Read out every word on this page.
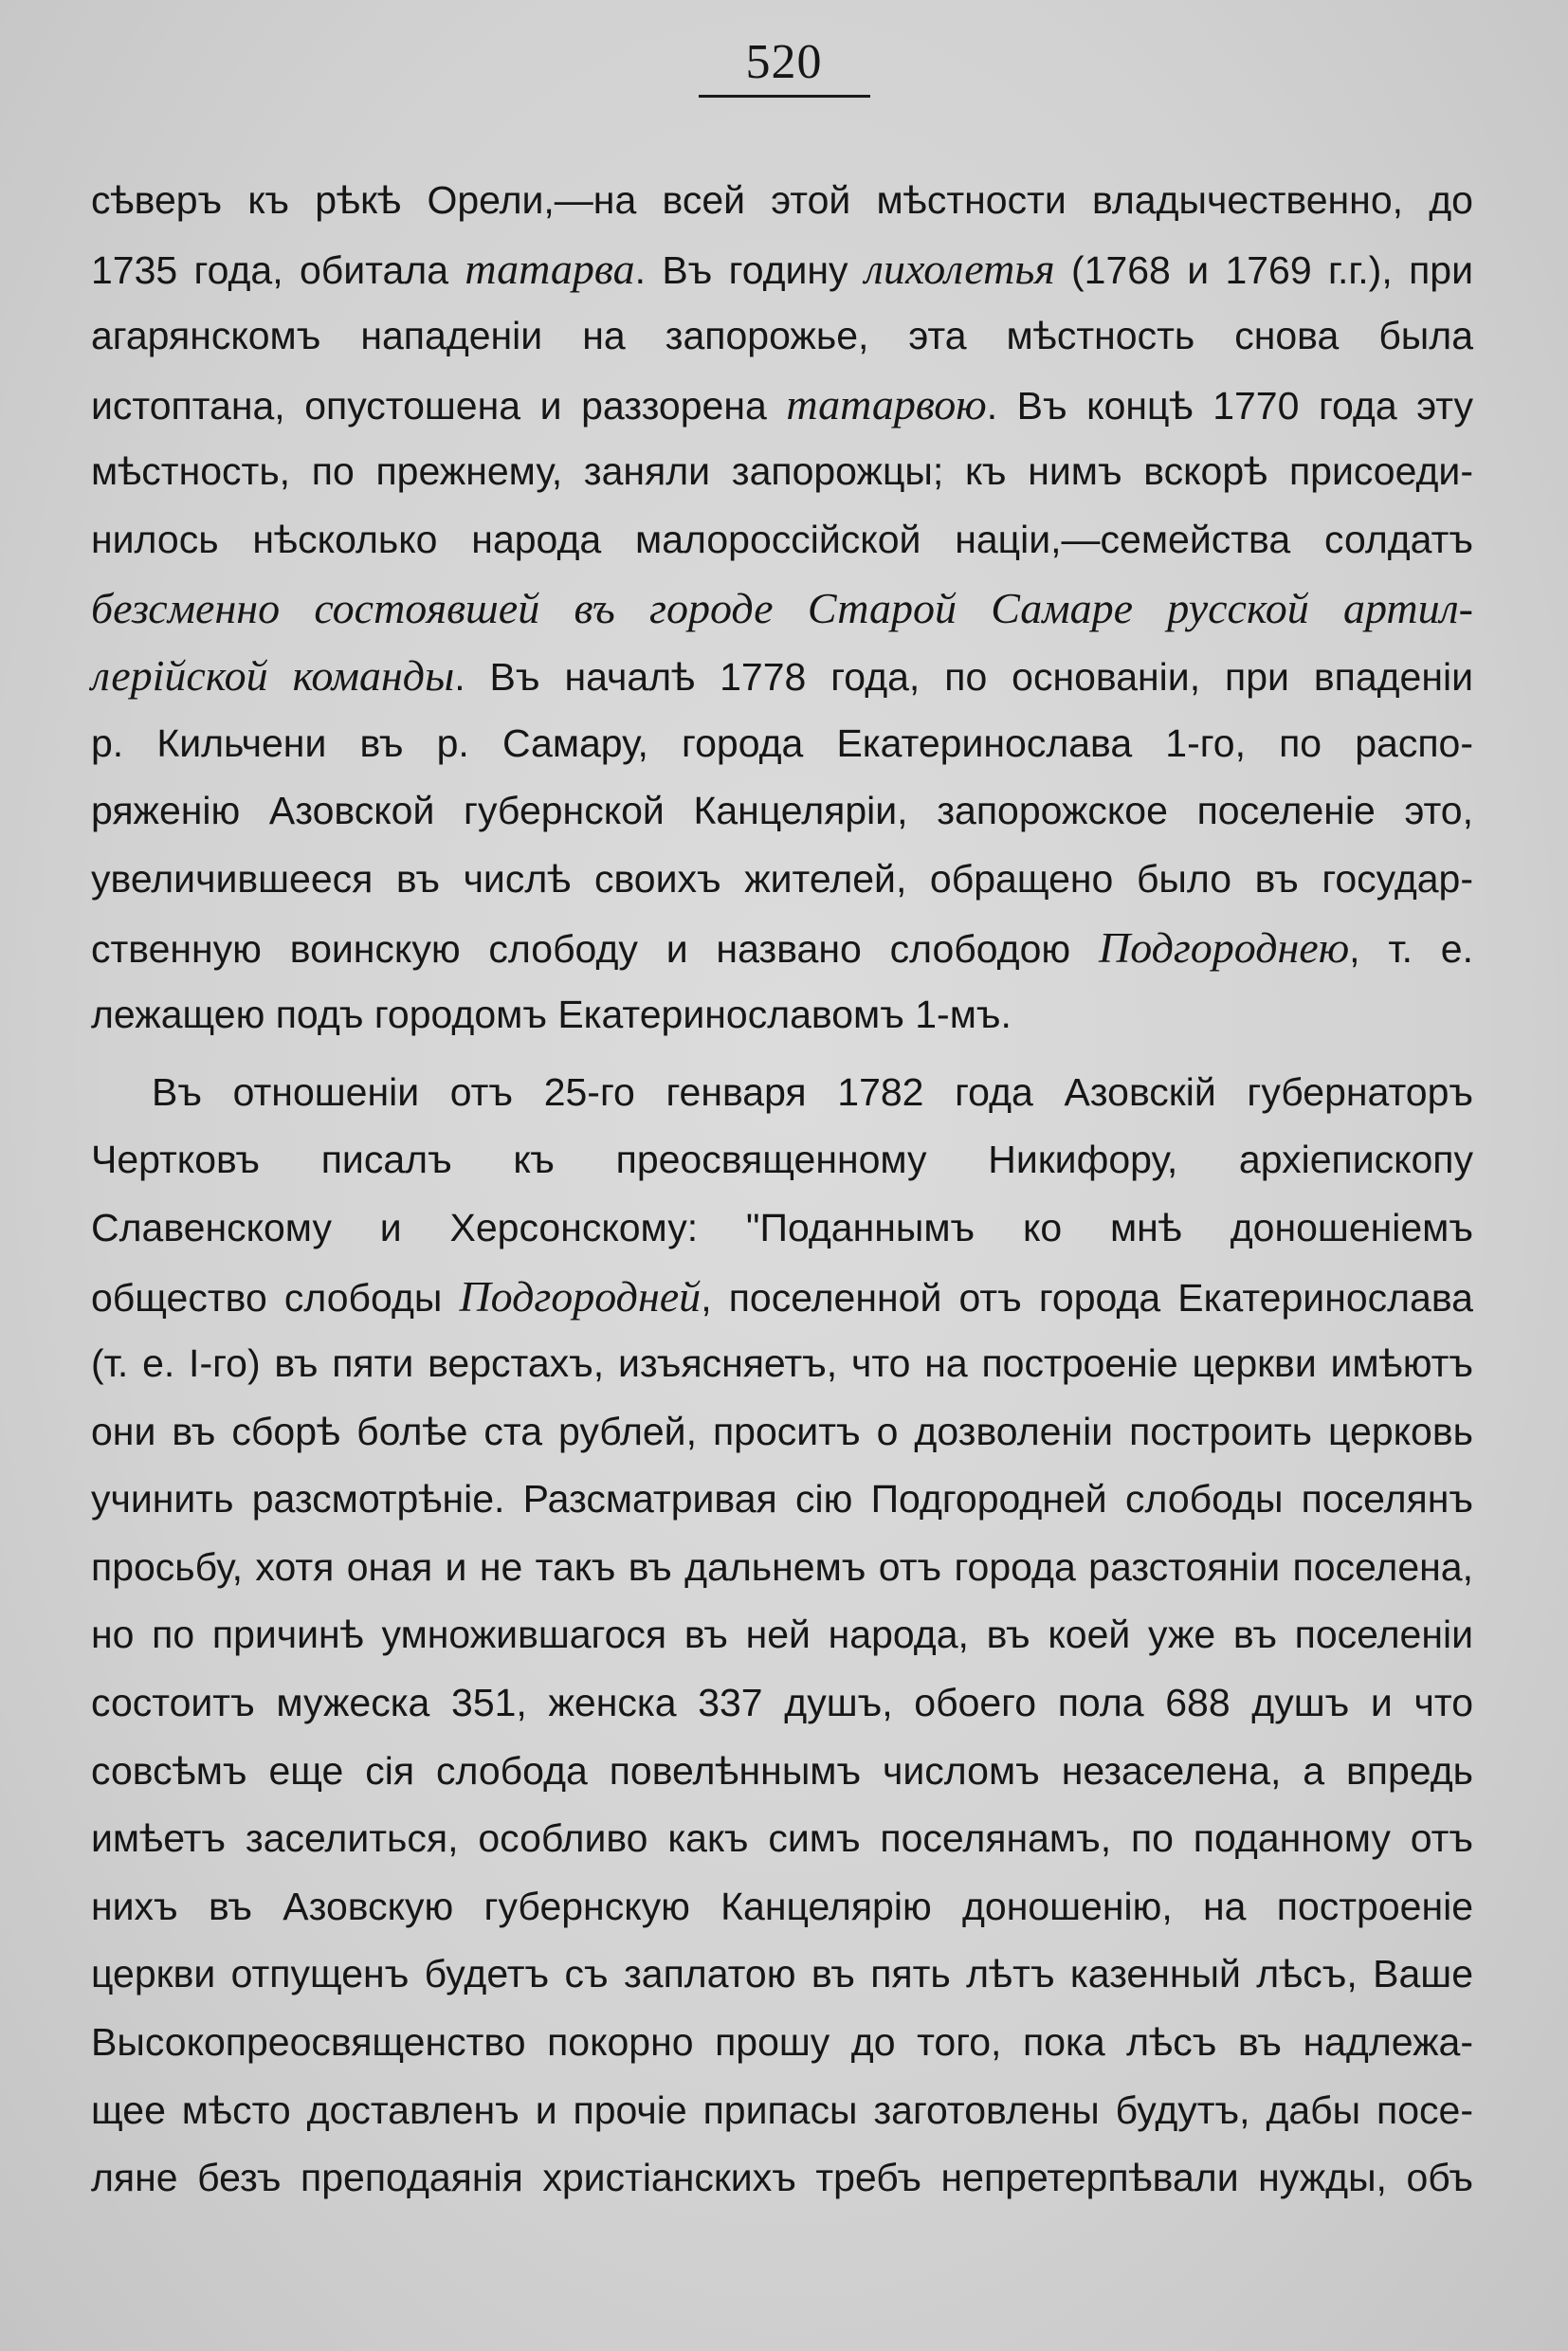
520
сѣверъ къ рѣкѣ Орели,—на всей этой мѣстности владычественно, до
1735 года, обитала татарва. Въ годину лихолетья (1768 и 1769 г.г.), при
агарянскомъ нападеніи на запорожье, эта мѣстность снова была
истоптана, опустошена и раззорена татарвою. Въ концѣ 1770 года эту
мѣстность, по прежнему, заняли запорожцы; къ нимъ вскорѣ присоеди-
нилось нѣсколько народа малороссійской націи,—семейства солдатъ
безсменно состоявшей въ городе Старой Самаре русской артил-
лерійской команды. Въ началѣ 1778 года, по основаніи, при впаденіи
р. Кильчени въ р. Самару, города Екатеринослава 1-го, по распо-
ряженію Азовской губернской Канцеляріи, запорожское поселеніе это,
увеличившееся въ числѣ своихъ жителей, обращено было въ государ-
ственную воинскую слободу и названо слободою Подгороднею, т. е.
лежащею подъ городомъ Екатеринославомъ 1-мъ.
Въ отношеніи отъ 25-го генваря 1782 года Азовскій губернаторъ
Чертковъ писалъ къ преосвященному Никифору, архіепископу
Славенскому и Херсонскому: "Поданнымъ ко мнѣ доношеніемъ
общество слободы Подгородней, поселенной отъ города Екатеринослава
(т. е. I-го) въ пяти верстахъ, изъясняетъ, что на построеніе церкви имѣютъ
они въ сборѣ болѣе ста рублей, проситъ о дозволеніи построить церковь
учинить разсмотрѣніе. Разсматривая сію Подгородней слободы поселянъ
просьбу, хотя оная и не такъ въ дальнемъ отъ города разстояніи поселена,
но по причинѣ умножившагося въ ней народа, въ коей уже въ поселеніи
состоитъ мужеска 351, женска 337 душъ, обоего пола 688 душъ и что
совсѣмъ еще сія слобода повелѣннымъ числомъ незаселена, а впредь
имѣетъ заселиться, особливо какъ симъ поселянамъ, по поданному отъ
нихъ въ Азовскую губернскую Канцелярію доношенію, на построеніе
церкви отпущенъ будетъ съ заплатою въ пять лѣтъ казенный лѣсъ, Ваше
Высокопреосвященство покорно прошу до того, пока лѣсъ въ надлежа-
щее мѣсто доставленъ и прочіе припасы заготовлены будутъ, дабы посе-
ляне безъ преподаянія христіанскихъ требъ непретерпѣвали нужды, объ
